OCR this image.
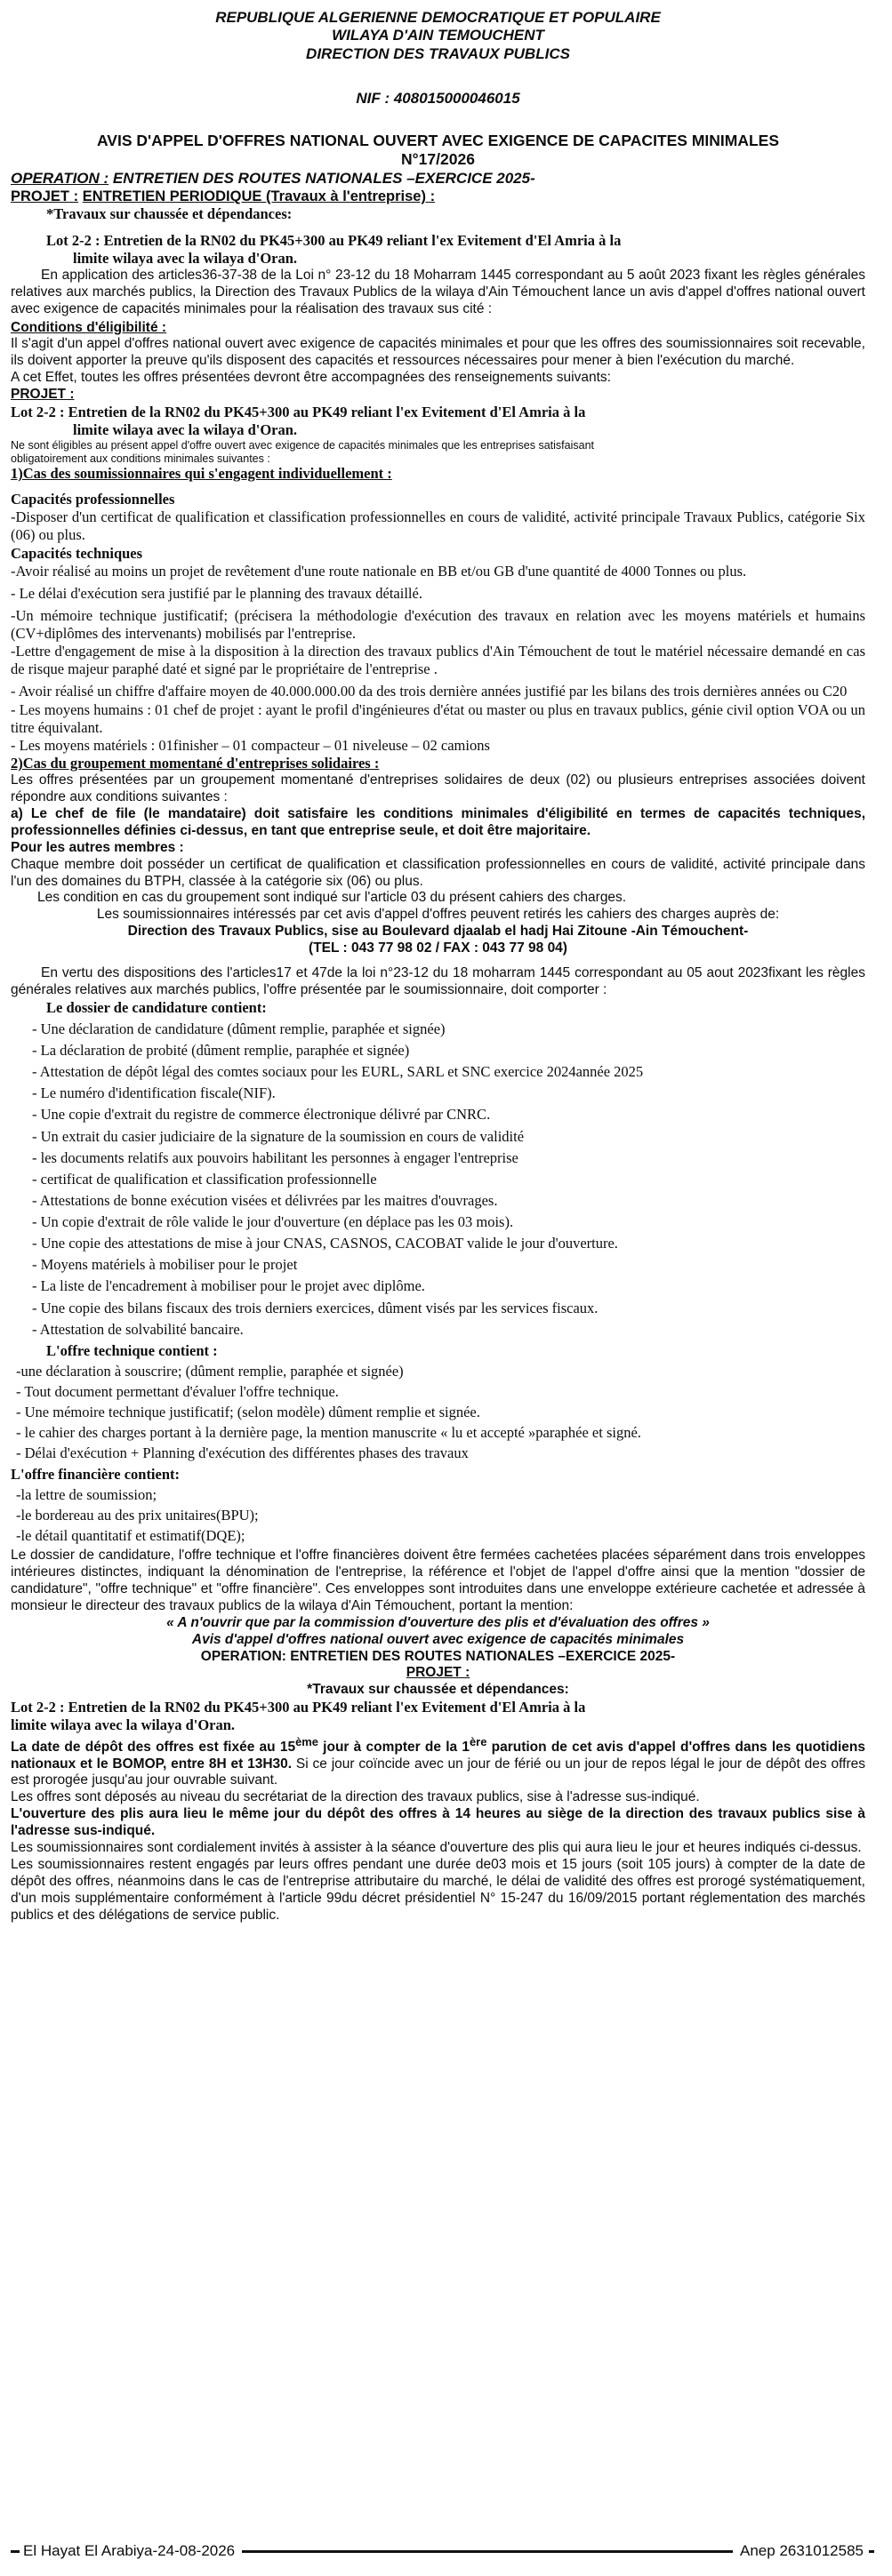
REPUBLIQUE ALGERIENNE DEMOCRATIQUE ET POPULAIRE

WILAYA D'AIN TEMOUCHENT

DIRECTION DES TRAVAUX PUBLICS

NIF : 408015000046015

AVIS D'APPEL D'OFFRES NATIONAL OUVERT AVEC EXIGENCE DE CAPACITES MINIMALES

N°17/2026

OPERATION : ENTRETIEN DES ROUTES NATIONALES –EXERCICE 2025-

PROJET : ENTRETIEN PERIODIQUE (Travaux à l'entreprise) :

*Travaux sur chaussée et dépendances:

Lot 2-2 : Entretien de la RN02 du PK45+300 au PK49 reliant l'ex Evitement d'El Amria à la

limite wilaya avec la wilaya d'Oran.

En application des articles36-37-38 de la Loi n° 23-12 du 18 Moharram 1445 correspondant au 5 août 2023 fixant les règles générales relatives aux marchés publics, la Direction des Travaux Publics de la wilaya d'Ain Témouchent lance un avis d'appel d'offres national ouvert avec exigence de capacités minimales pour la réalisation des travaux sus cité :

Conditions d'éligibilité :

Il s'agit d'un appel d'offres national ouvert avec exigence de capacités minimales et pour que les offres des soumissionnaires soit recevable, ils doivent apporter la preuve qu'ils disposent des capacités et ressources nécessaires pour mener à bien l'exécution du marché.

A cet Effet, toutes les offres présentées devront être accompagnées des renseignements suivants:

PROJET :

Lot 2-2 : Entretien de la RN02 du PK45+300 au PK49 reliant l'ex Evitement d'El Amria à la

limite wilaya avec la wilaya d'Oran.

Ne sont éligibles au présent appel d'offre ouvert avec exigence de capacités minimales que les entreprises satisfaisant

obligatoirement aux conditions minimales suivantes :

1)Cas des soumissionnaires qui s'engagent individuellement :

Capacités professionnelles

-Disposer d'un certificat de qualification et classification professionnelles en cours de validité, activité principale Travaux Publics, catégorie Six (06) ou plus.

Capacités techniques

-Avoir réalisé au moins un projet de revêtement d'une route nationale en BB et/ou GB d'une quantité de 4000 Tonnes ou plus.

- Le délai d'exécution sera justifié par le planning des travaux détaillé.

-Un mémoire technique justificatif; (précisera la méthodologie d'exécution des travaux en relation avec les moyens matériels et humains (CV+diplômes des intervenants) mobilisés par l'entreprise.

-Lettre d'engagement de mise à la disposition à la direction des travaux publics d'Ain Témouchent de tout le matériel nécessaire demandé en cas de risque majeur paraphé daté et signé par le propriétaire de l'entreprise .

- Avoir réalisé un chiffre d'affaire moyen de 40.000.000.00 da des trois dernière années justifié par les bilans des trois dernières années ou C20

- Les moyens humains : 01 chef de projet : ayant le profil d'ingénieures d'état ou master ou plus en travaux publics, génie civil option VOA ou un titre équivalant.

- Les moyens matériels : 01finisher – 01 compacteur – 01 niveleuse – 02 camions

2)Cas du groupement momentané d'entreprises solidaires :

Les offres présentées par un groupement momentané d'entreprises solidaires de deux (02) ou plusieurs entreprises associées doivent répondre aux conditions suivantes :

a) Le chef de file (le mandataire) doit satisfaire les conditions minimales d'éligibilité en termes de capacités techniques, professionnelles définies ci-dessus, en tant que entreprise seule, et doit être majoritaire.

Pour les autres membres :

Chaque membre doit posséder un certificat de qualification et classification professionnelles en cours de validité, activité principale dans l'un des domaines du BTPH, classée à la catégorie six (06) ou plus.

Les condition en cas du groupement sont indiqué sur l'article 03 du présent cahiers des charges.

Les soumissionnaires intéressés par cet avis d'appel d'offres peuvent retirés les cahiers des charges auprès de:

Direction des Travaux Publics, sise au Boulevard djaalab el hadj Hai Zitoune -Ain Témouchent-

(TEL : 043 77 98 02 / FAX : 043 77 98 04)

En vertu des dispositions des l'articles17 et 47de la loi n°23-12 du 18 moharram 1445 correspondant au 05 aout 2023fixant les règles générales relatives aux marchés publics, l'offre présentée par le soumissionnaire, doit comporter :

Le dossier de candidature contient:

- Une déclaration de candidature (dûment remplie, paraphée et signée)

- La déclaration de probité (dûment remplie, paraphée et signée)

- Attestation de dépôt légal des comtes sociaux pour les EURL, SARL et SNC exercice 2024année 2025

- Le numéro d'identification fiscale(NIF).

- Une copie d'extrait du registre de commerce électronique délivré par CNRC.

- Un extrait du casier judiciaire de la signature de la soumission en cours de validité

- les documents relatifs aux pouvoirs habilitant les personnes à engager l'entreprise

- certificat de qualification et classification professionnelle

- Attestations de bonne exécution visées et délivrées par les maitres d'ouvrages.

- Un copie d'extrait de rôle valide le jour d'ouverture (en déplace pas les 03 mois).

- Une copie des attestations de mise à jour CNAS, CASNOS, CACOBAT valide le jour d'ouverture.

- Moyens matériels à mobiliser pour le projet

- La liste de l'encadrement à mobiliser pour le projet avec diplôme.

- Une copie des bilans fiscaux des trois derniers exercices, dûment visés par les services fiscaux.

- Attestation de solvabilité bancaire.

L'offre technique contient :

-une déclaration à souscrire; (dûment remplie, paraphée et signée)

- Tout document permettant d'évaluer l'offre technique.

- Une mémoire technique justificatif; (selon modèle) dûment remplie et signée.

- le cahier des charges portant à la dernière page, la mention manuscrite « lu et accepté »paraphée et signé.

- Délai d'exécution + Planning d'exécution des différentes phases des travaux

L'offre financière contient:

-la lettre de soumission;

-le bordereau au des prix unitaires(BPU);

-le détail quantitatif et estimatif(DQE);

Le dossier de candidature, l'offre technique et l'offre financières doivent être fermées cachetées placées séparément dans trois enveloppes intérieures distinctes, indiquant la dénomination de l'entreprise, la référence et l'objet de l'appel d'offre ainsi que la mention "dossier de candidature", "offre technique" et "offre financière". Ces enveloppes sont introduites dans une enveloppe extérieure cachetée et adressée à monsieur le directeur des travaux publics de la wilaya d'Ain Témouchent, portant la mention:

« A n'ouvrir que par la commission d'ouverture des plis et d'évaluation des offres »

Avis d'appel d'offres national ouvert avec exigence de capacités minimales

OPERATION: ENTRETIEN DES ROUTES NATIONALES –EXERCICE 2025-

PROJET :

*Travaux sur chaussée et dépendances:

Lot 2-2 : Entretien de la RN02 du PK45+300 au PK49 reliant l'ex Evitement d'El Amria à la

limite wilaya avec la wilaya d'Oran.

La date de dépôt des offres est fixée au 15ème jour à compter de la 1ère parution de cet avis d'appel d'offres dans les quotidiens nationaux et le BOMOP, entre 8H et 13H30. Si ce jour coïncide avec un jour de férié ou un jour de repos légal le jour de dépôt des offres est prorogée jusqu'au jour ouvrable suivant.

Les offres sont déposés au niveau du secrétariat de la direction des travaux publics, sise à l'adresse sus-indiqué.

L'ouverture des plis aura lieu le même jour du dépôt des offres à 14 heures au siège de la direction des travaux publics sise à l'adresse sus-indiqué.

Les soumissionnaires sont cordialement invités à assister à la séance d'ouverture des plis qui aura lieu le jour et heures indiqués ci-dessus.

Les soumissionnaires restent engagés par leurs offres pendant une durée de03 mois et 15 jours (soit 105 jours) à compter de la date de dépôt des offres, néanmoins dans le cas de l'entreprise attributaire du marché, le délai de validité des offres est prorogé systématiquement, d'un mois supplémentaire conformément à l'article 99du décret présidentiel N° 15-247 du 16/09/2015 portant réglementation des marchés publics et des délégations de service public.

El Hayat El Arabiya-24-08-2026	Anep 2631012585
